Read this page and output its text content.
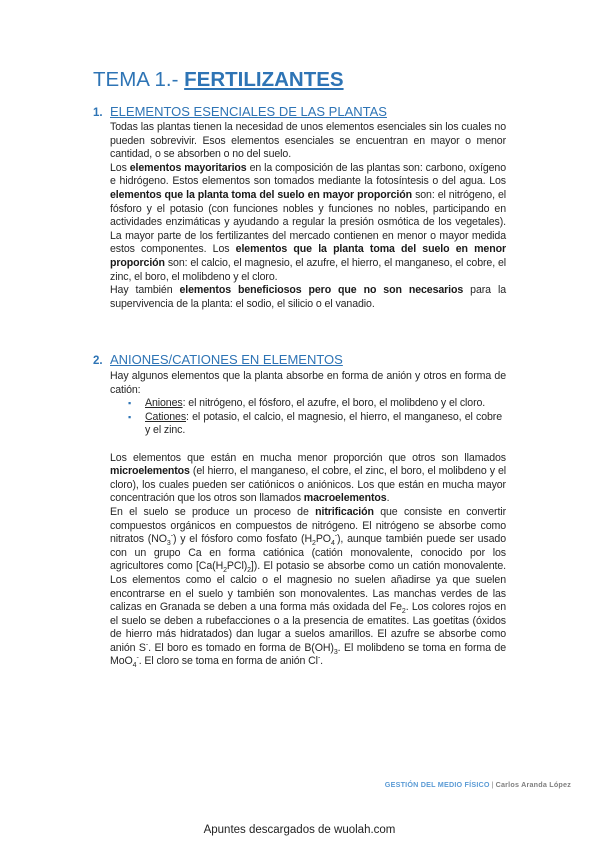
TEMA 1.- FERTILIZANTES
1. ELEMENTOS ESENCIALES DE LAS PLANTAS

Todas las plantas tienen la necesidad de unos elementos esenciales sin los cuales no pueden sobrevivir. Esos elementos esenciales se encuentran en mayor o menor cantidad, o se absorben o no del suelo.

Los elementos mayoritarios en la composición de las plantas son: carbono, oxígeno e hidrógeno. Estos elementos son tomados mediante la fotosíntesis o del agua. Los elementos que la planta toma del suelo en mayor proporción son: el nitrógeno, el fósforo y el potasio (con funciones nobles y funciones no nobles, participando en actividades enzimáticas y ayudando a regular la presión osmótica de los vegetales). La mayor parte de los fertilizantes del mercado contienen en menor o mayor medida estos componentes. Los elementos que la planta toma del suelo en menor proporción son: el calcio, el magnesio, el azufre, el hierro, el manganeso, el cobre, el zinc, el boro, el molibdeno y el cloro.

Hay también elementos beneficiosos pero que no son necesarios para la supervivencia de la planta: el sodio, el silicio o el vanadio.

2. ANIONES/CATIONES EN ELEMENTOS

Hay algunos elementos que la planta absorbe en forma de anión y otros en forma de catión:

▪ Aniones: el nitrógeno, el fósforo, el azufre, el boro, el molibdeno y el cloro.
▪ Cationes: el potasio, el calcio, el magnesio, el hierro, el manganeso, el cobre y el zinc.

Los elementos que están en mucha menor proporción que otros son llamados microelementos (el hierro, el manganeso, el cobre, el zinc, el boro, el molibdeno y el cloro), los cuales pueden ser catiónicos o aniónicos. Los que están en mucha mayor concentración que los otros son llamados macroelementos.

En el suelo se produce un proceso de nitrificación que consiste en convertir compuestos orgánicos en compuestos de nitrógeno. El nitrógeno se absorbe como nitratos $(NO_3^-)$ y el fósforo como fosfato $(H_2PO_4^-)$, aunque también puede ser usado con un grupo Ca en forma catiónica (catión monovalente, conocido por los agricultores como $[Ca(H_2PCl)_2]$). El potasio se absorbe como un catión monovalente. Los elementos como el calcio o el magnesio no suelen añadirse ya que suelen encontrarse en el suelo y también son monovalentes. Las manchas verdes de las calizas en Granada se deben a una forma más oxidada del $Fe_2$. Los colores rojos en el suelo se deben a rubefacciones o a la presencia de ematites. Las goetitas (óxidos de hierro más hidratados) dan lugar a suelos amarillos. El azufre se absorbe como anión S-. El boro es tomado en forma de $B(OH)_3$. El molibdeno se toma en forma de MoO$_4$-. El cloro se toma en forma de anión Cl-.

GESTIÓN DEL MEDIO FÍSICO | Carlos Aranda López
Apuntes descargados de wuolah.com
